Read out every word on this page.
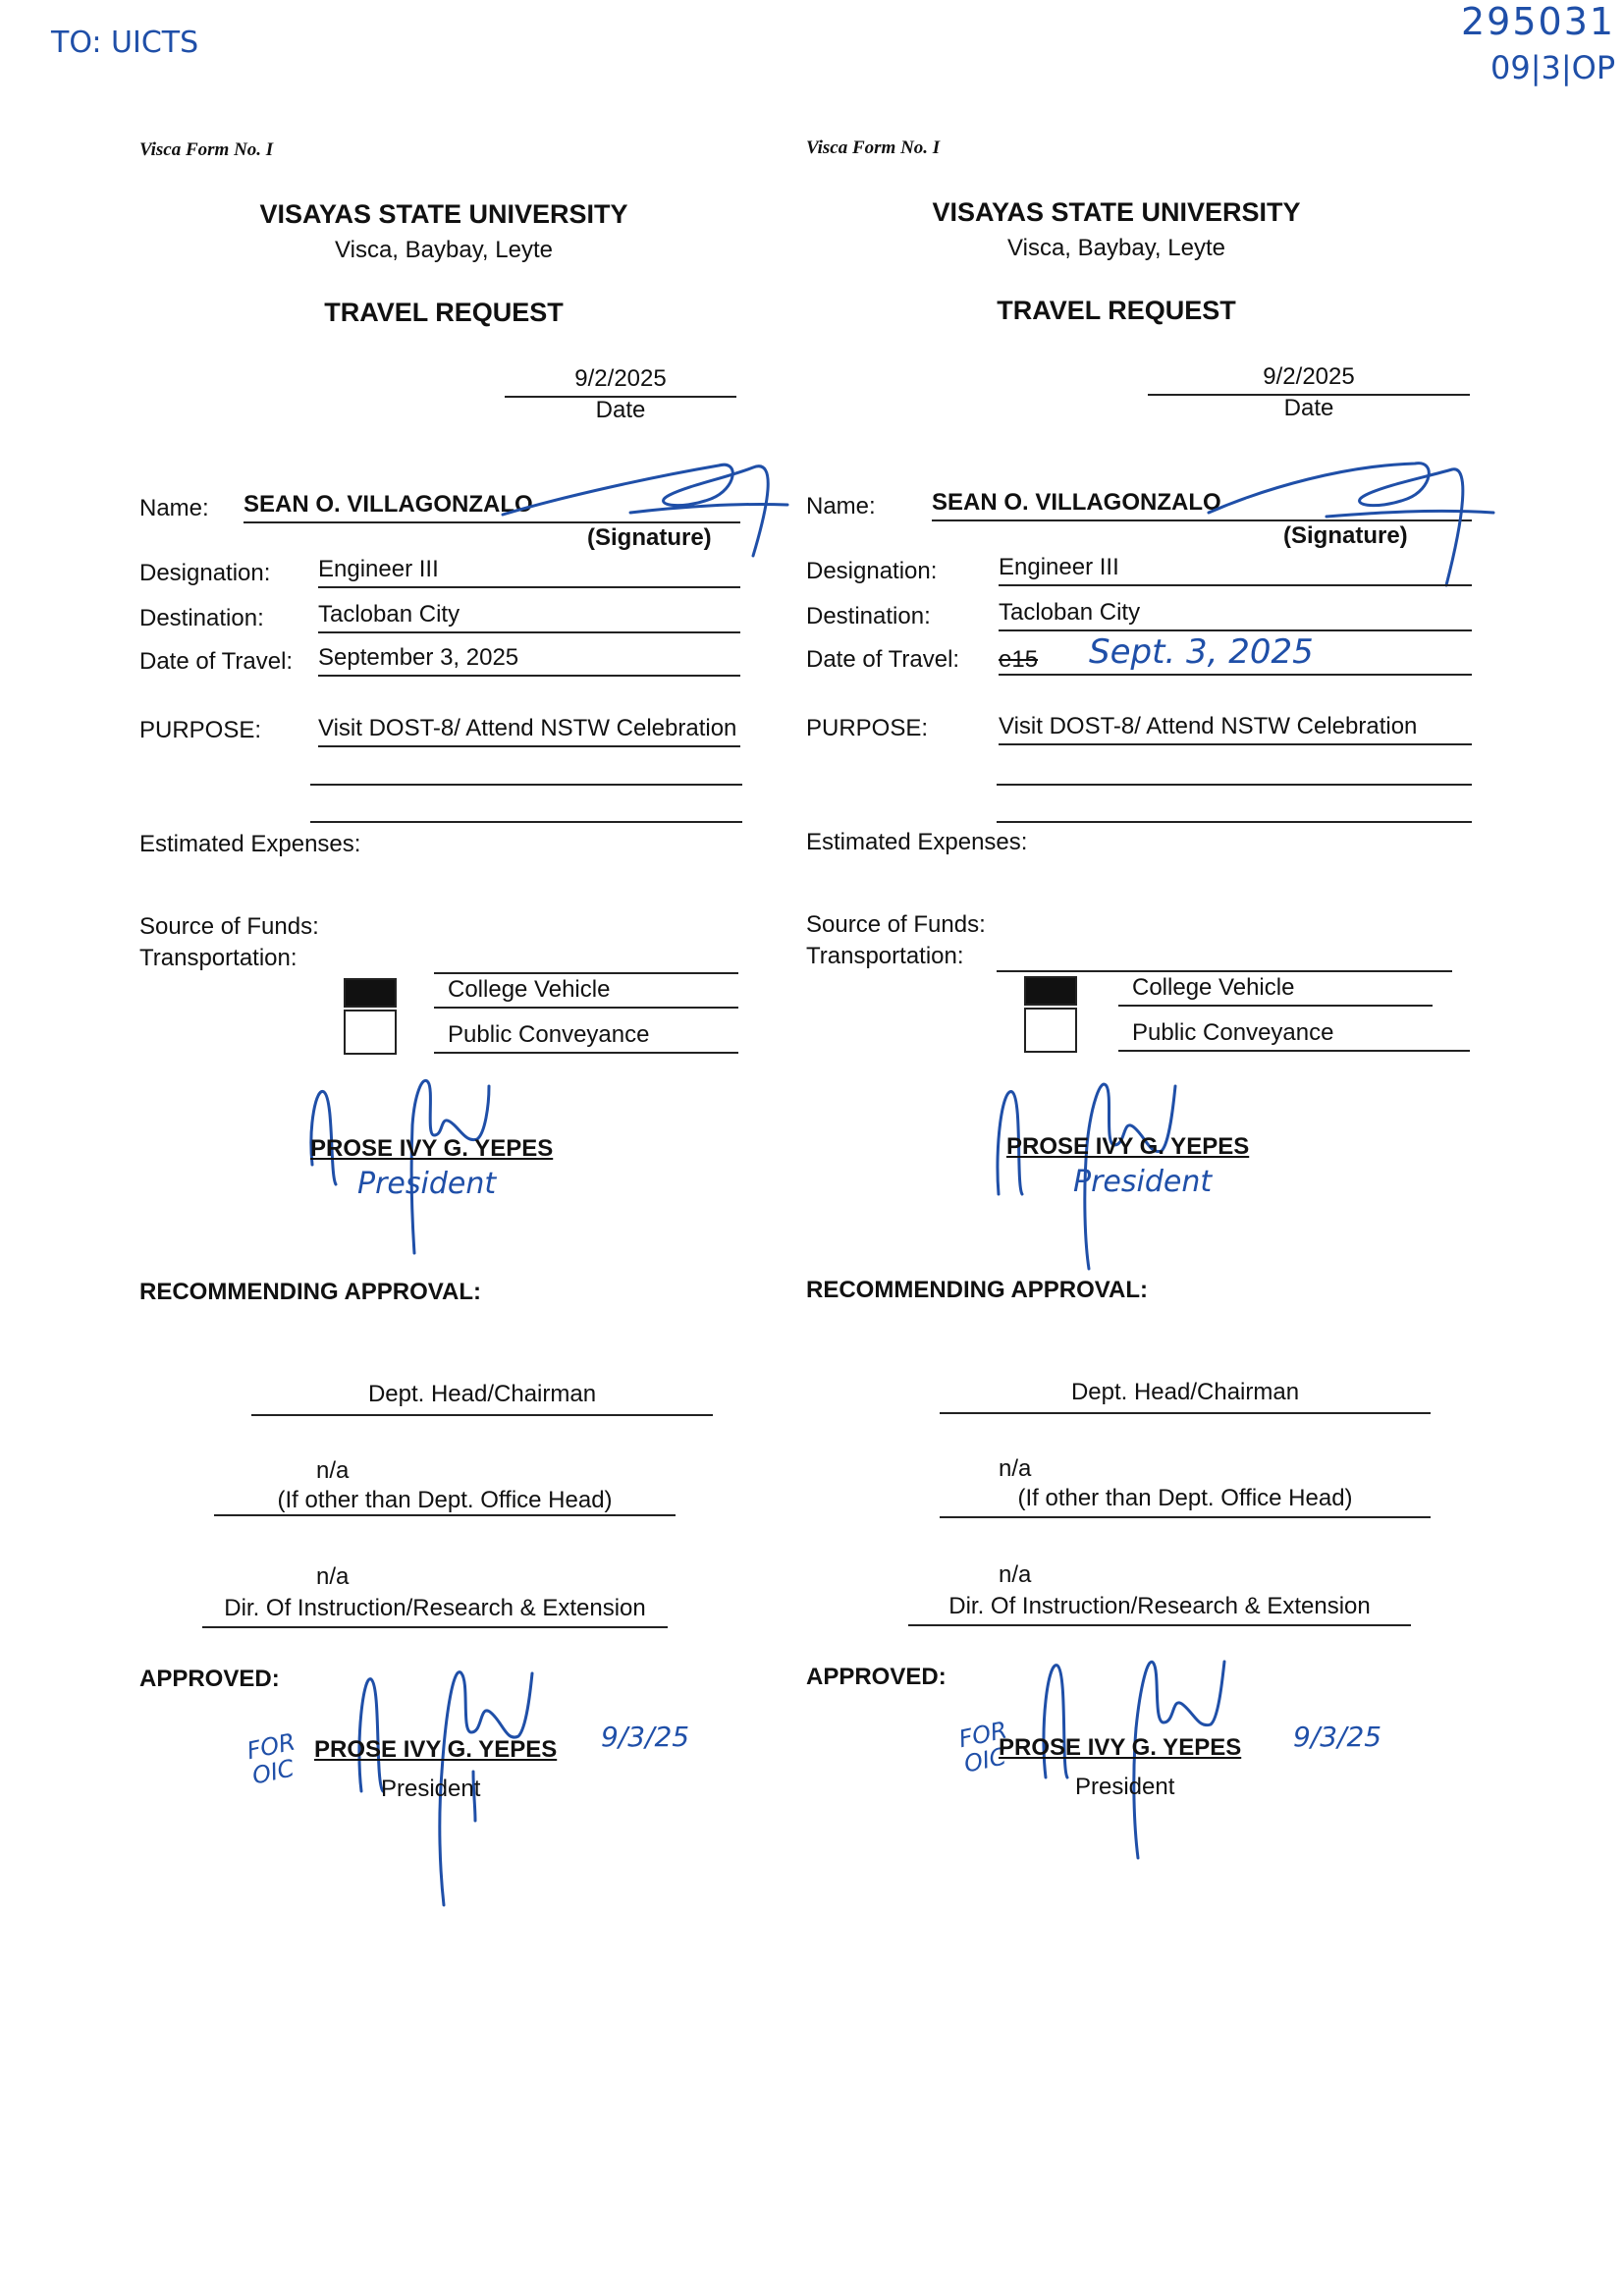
TO: UICTS	295031
09|3|OP
Visca Form No. I
VISAYAS STATE UNIVERSITY
Visca, Baybay, Leyte
TRAVEL REQUEST
9/2/2025
Date
Name: SEAN O. VILLAGONZALO
(Signature)
Designation: Engineer III
Destination: Tacloban City
Date of Travel: September 3, 2025
PURPOSE: Visit DOST-8/ Attend NSTW Celebration
Estimated Expenses:
Source of Funds:
Transportation:
College Vehicle
Public Conveyance
PROSE IVY G. YEPES
President
RECOMMENDING APPROVAL:
Dept. Head/Chairman
n/a
(If other than Dept. Office Head)
n/a
Dir. Of Instruction/Research & Extension
APPROVED:
FOR OIC
PROSE IVY G. YEPES 9/3/25
President
Visca Form No. I
VISAYAS STATE UNIVERSITY
Visca, Baybay, Leyte
TRAVEL REQUEST
9/2/2025
Date
Name: SEAN O. VILLAGONZALO
(Signature)
Designation:	Engineer III
Destination:	Tacloban City
Date of Travel: e15 Sept. 3, 2025
PURPOSE:	Visit DOST-8/ Attend NSTW Celebration
Estimated Expenses:
Source of Funds:
Transportation:
College Vehicle
Public Conveyance
PROSE IVY G. YEPES
President
RECOMMENDING APPROVAL:
Dept. Head/Chairman
n/a
(If other than Dept. Office Head)
n/a
Dir. Of Instruction/Research & Extension
APPROVED:
FOR OIC
PROSE IVY G. YEPES 9/3/25
President
